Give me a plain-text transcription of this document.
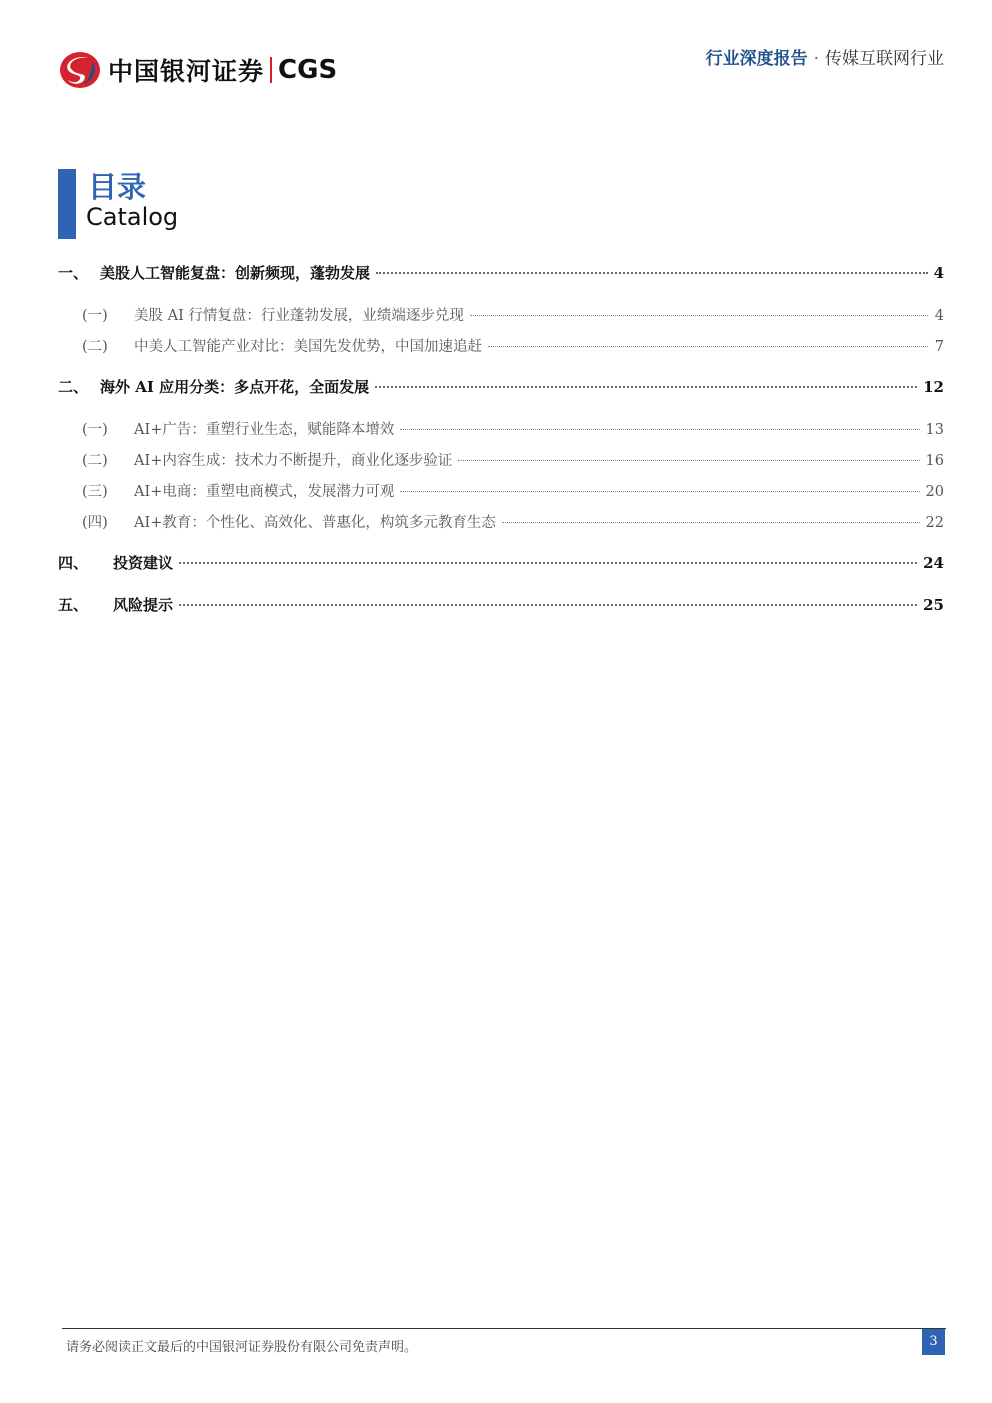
中国银河证券 CGS	行业深度报告 · 传媒互联网行业
目录
Catalog
一、 美股人工智能复盘：创新频现，蓬勃发展	4
(一)	美股 AI 行情复盘：行业蓬勃发展，业绩端逐步兑现	4
(二)	中美人工智能产业对比：美国先发优势，中国加速追赶	7
二、 海外 AI 应用分类：多点开花，全面发展	12
(一)	AI+广告：重塑行业生态，赋能降本增效	13
(二)	AI+内容生成：技术力不断提升，商业化逐步验证	16
(三)	AI+电商：重塑电商模式，发展潜力可观	20
(四)	AI+教育：个性化、高效化、普惠化，构筑多元教育生态	22
四、	投资建议	24
五、	风险提示	25
请务必阅读正文最后的中国银河证券股份有限公司免责声明。	3
